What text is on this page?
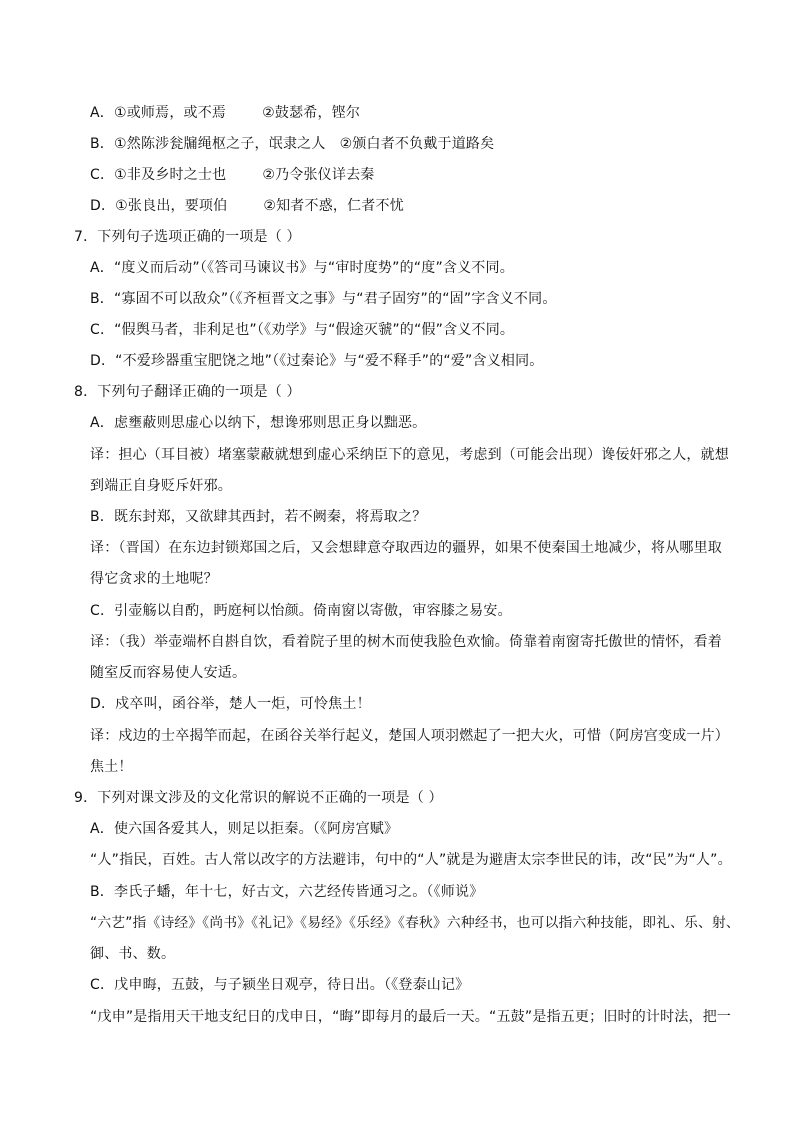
A．①或师焉，或不焉	②鼓瑟希，铿尔
B．①然陈涉瓮牖绳枢之子，氓隶之人 ②颁白者不负戴于道路矣
C．①非及乡时之士也	②乃令张仪详去秦
D．①张良出，要项伯	②知者不惑，仁者不忧
7．下列句子选项正确的一项是（ ）
A．“度义而后动”（《答司马谏议书》与“审时度势”的“度”含义不同。
B．“寡固不可以敌众”（《齐桓晋文之事》与“君子固穷”的“固”字含义不同。
C．“假舆马者，非利足也”（《劝学》与“假途灭虢”的“假”含义不同。
D．“不爱珍器重宝肥饶之地”（《过秦论》与“爱不释手”的“爱”含义相同。
8．下列句子翻译正确的一项是（ ）
A．虑壅蔽则思虚心以纳下，想谗邪则思正身以黜恶。
译：担心（耳目被）堵塞蒙蔽就想到虚心采纳臣下的意见，考虑到（可能会出现）谗佞奸邪之人，就想
到端正自身贬斥奸邪。
B．既东封郑，又欲肆其西封，若不阙秦，将焉取之？
译：（晋国）在东边封锁郑国之后，又会想肆意夺取西边的疆界，如果不使秦国土地减少，将从哪里取
得它贪求的土地呢？
C．引壶觞以自酌，眄庭柯以怡颜。倚南窗以寄傲，审容膝之易安。
译：（我）举壶端杯自斟自饮，看着院子里的树木而使我脸色欢愉。倚靠着南窗寄托傲世的情怀，看着
随室反而容易使人安适。
D．戍卒叫，函谷举，楚人一炬，可怜焦土！
译：戍边的士卒揭竿而起，在函谷关举行起义，楚国人项羽燃起了一把大火，可惜（阿房宫变成一片）
焦土！
9．下列对课文涉及的文化常识的解说不正确的一项是（ ）
A．使六国各爱其人，则足以拒秦。（《阿房宫赋》
“人”指民，百姓。古人常以改字的方法避讳，句中的“人”就是为避唐太宗李世民的讳，改“民”为“人”。
B．李氏子蟠，年十七，好古文，六艺经传皆通习之。（《师说》
“六艺”指《诗经》《尚书》《礼记》《易经》《乐经》《春秋》六种经书，也可以指六种技能，即礼、乐、射、
御、书、数。
C．戊申晦，五鼓，与子颍坐日观亭，待日出。（《登泰山记》
“戊申”是指用天干地支纪日的戊申日，“晦”即每月的最后一天。“五鼓”是指五更；旧时的计时法，把一
